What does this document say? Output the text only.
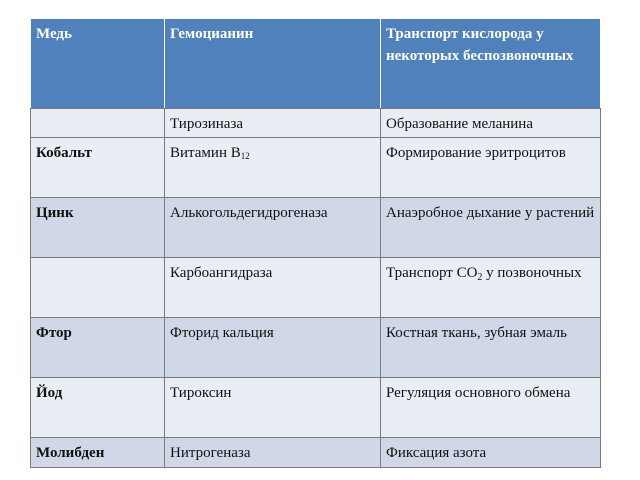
Медь	Гемоцианин	Транспорт кислорода у некоторых беспозвоночных
	Тирозиназа	Образование меланина
Кобальт	Витамин $В_{12}$	Формирование эритроцитов
Цинк	Алькогольдегидрогеназа	Анаэробное дыхание у растений
	Карбоангидраза	Транспорт $СО_2$ у позвоночных
Фтор	Фторид кальция	Костная ткань, зубная эмаль
Йод	Тироксин	Регуляция основного обмена
Молибден	Нитрогеназа	Фиксация азота
